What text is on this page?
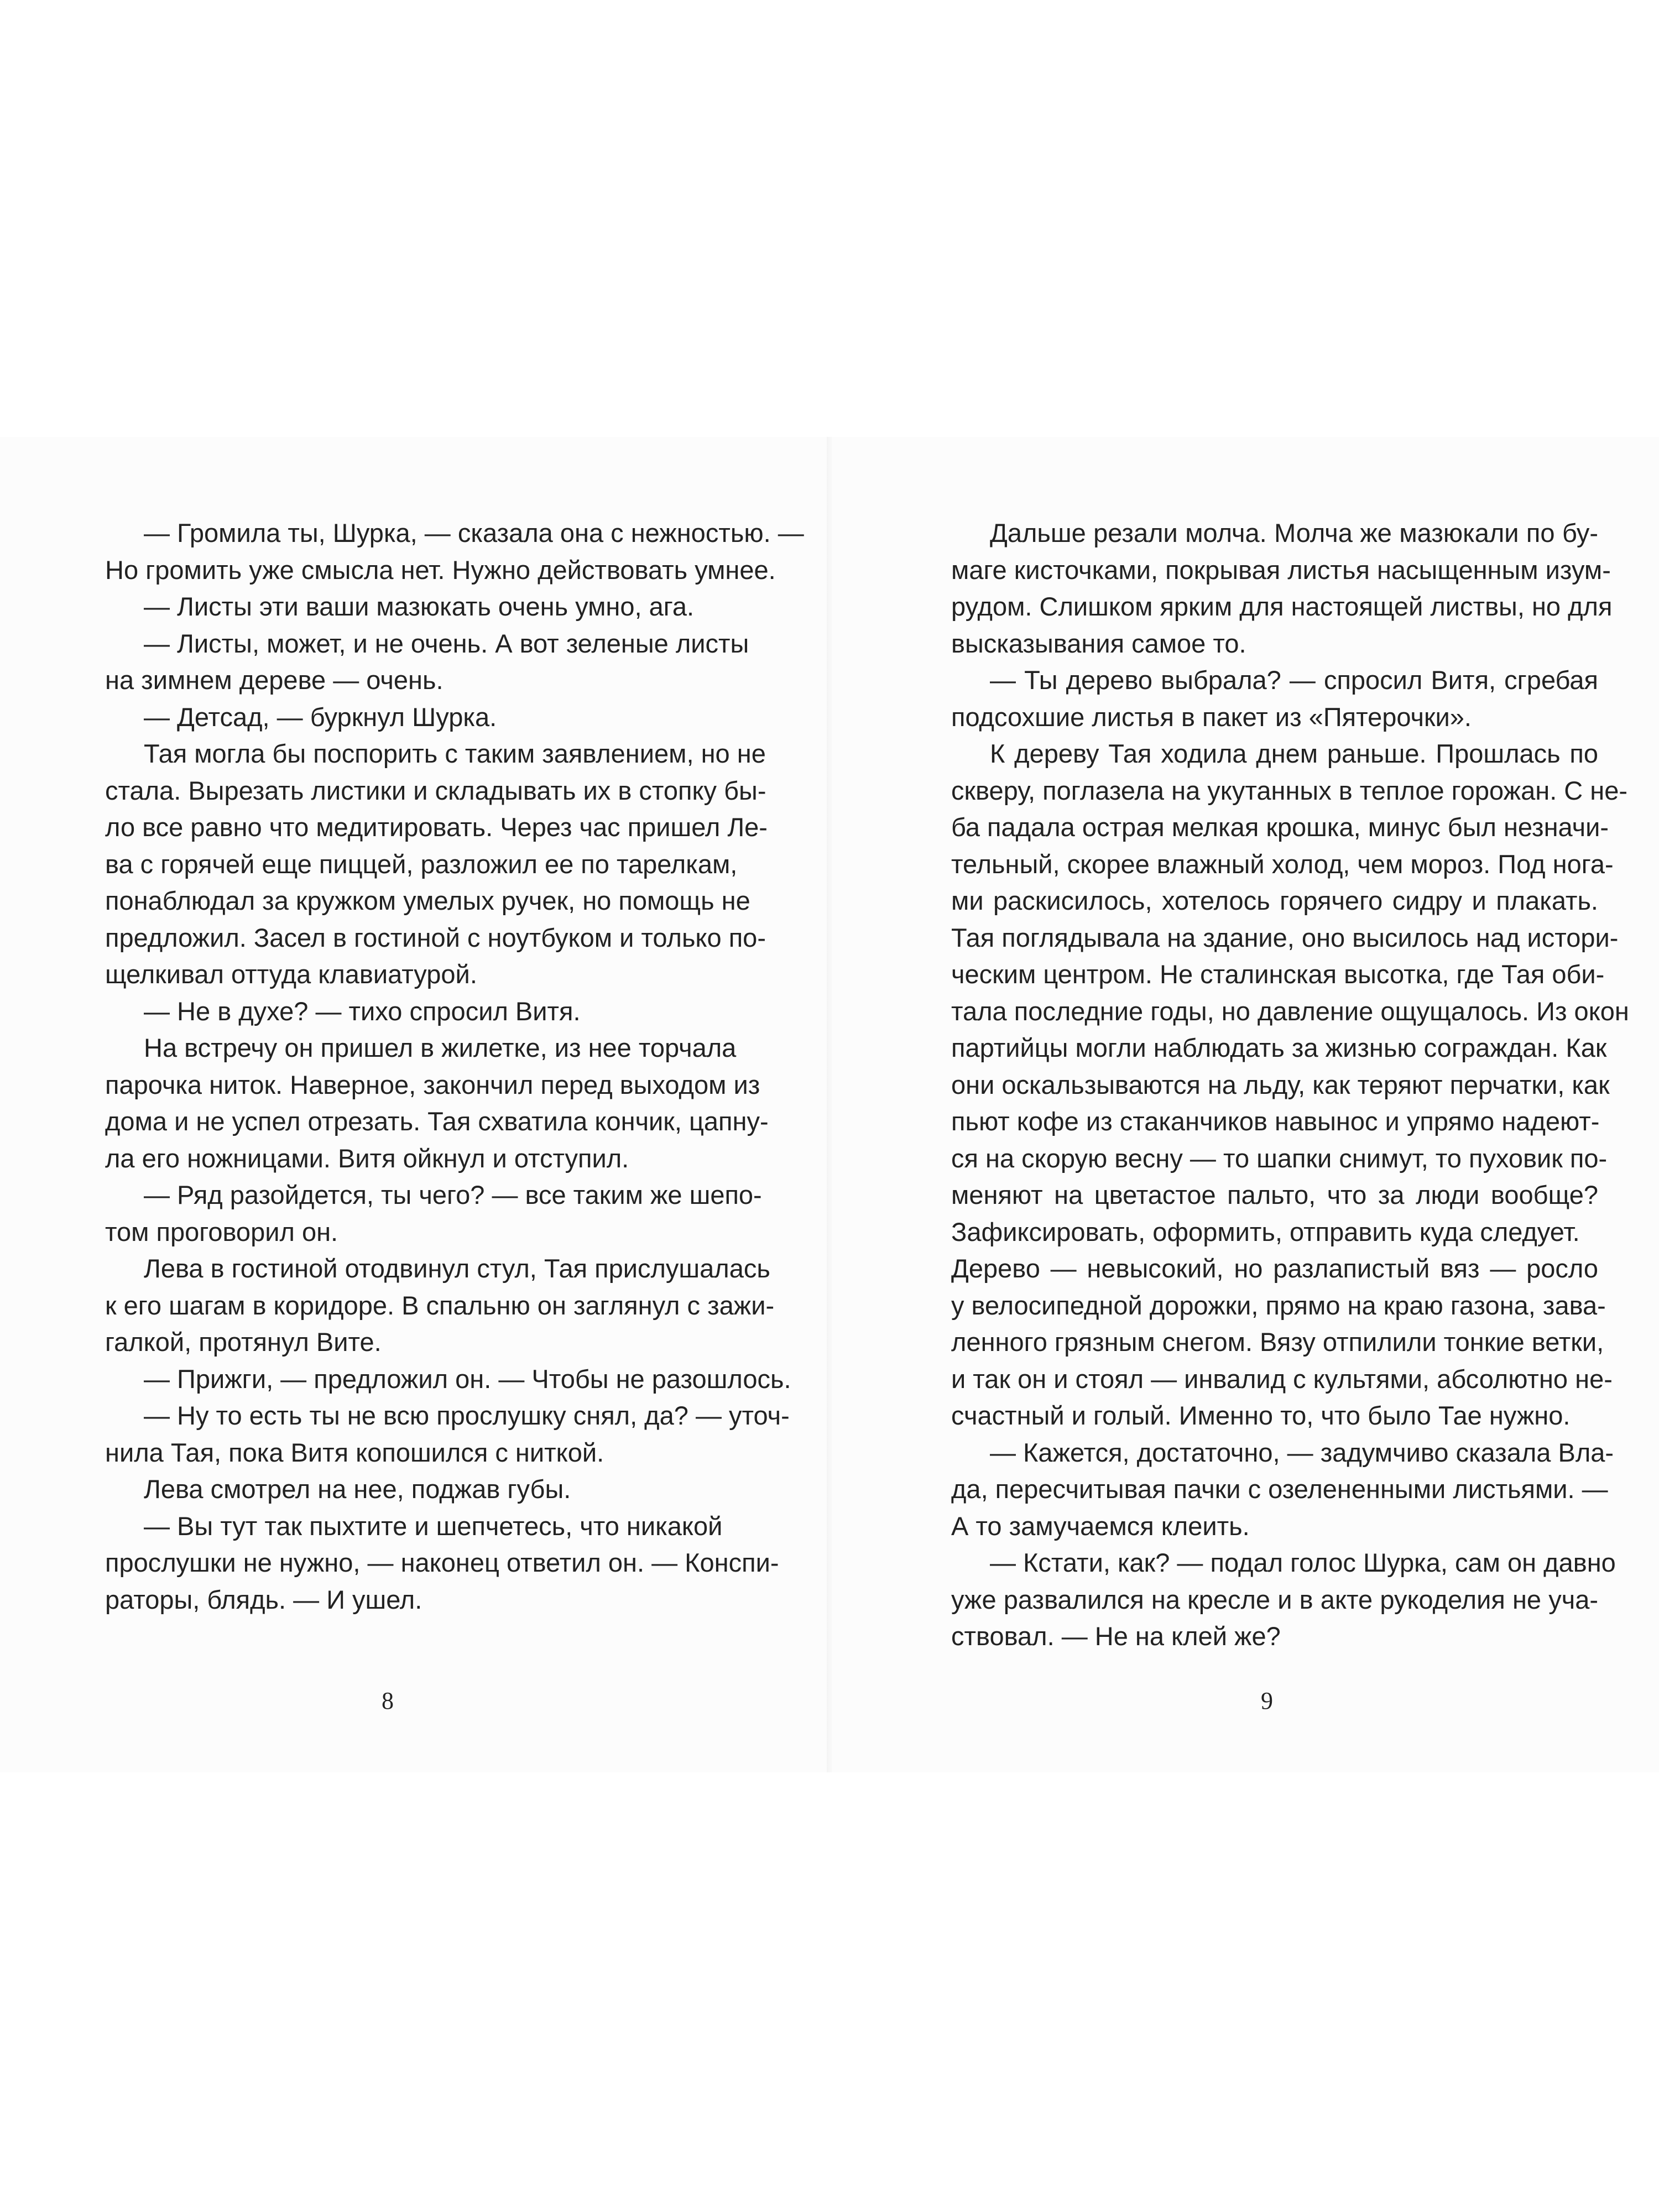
— Громила ты, Шурка, — сказала она с нежностью. —
Но громить уже смысла нет. Нужно действовать умнее.
— Листы эти ваши мазюкать очень умно, ага.
— Листы, может, и не очень. А вот зеленые листы
на зимнем дереве — очень.
— Детсад, — буркнул Шурка.
Тая могла бы поспорить с таким заявлением, но не
стала. Вырезать листики и складывать их в стопку бы-
ло все равно что медитировать. Через час пришел Ле-
ва с горячей еще пиццей, разложил ее по тарелкам,
понаблюдал за кружком умелых ручек, но помощь не
предложил. Засел в гостиной с ноутбуком и только по-
щелкивал оттуда клавиатурой.
— Не в духе? — тихо спросил Витя.
На встречу он пришел в жилетке, из нее торчала
парочка ниток. Наверное, закончил перед выходом из
дома и не успел отрезать. Тая схватила кончик, цапну-
ла его ножницами. Витя ойкнул и отступил.
— Ряд разойдется, ты чего? — все таким же шепо-
том проговорил он.
Лева в гостиной отодвинул стул, Тая прислушалась
к его шагам в коридоре. В спальню он заглянул с зажи-
галкой, протянул Вите.
— Прижги, — предложил он. — Чтобы не разошлось.
— Ну то есть ты не всю прослушку снял, да? — уточ-
нила Тая, пока Витя копошился с ниткой.
Лева смотрел на нее, поджав губы.
— Вы тут так пыхтите и шепчетесь, что никакой
прослушки не нужно, — наконец ответил он. — Конспи-
раторы, блядь. — И ушел.
8
Дальше резали молча. Молча же мазюкали по бу-
маге кисточками, покрывая листья насыщенным изум-
рудом. Слишком ярким для настоящей листвы, но для
высказывания самое то.
— Ты дерево выбрала? — спросил Витя, сгребая
подсохшие листья в пакет из «Пятерочки».
К дереву Тая ходила днем раньше. Прошлась по
скверу, поглазела на укутанных в теплое горожан. С не-
ба падала острая мелкая крошка, минус был незначи-
тельный, скорее влажный холод, чем мороз. Под нога-
ми раскисилось, хотелось горячего сидру и плакать.
Тая поглядывала на здание, оно высилось над истори-
ческим центром. Не сталинская высотка, где Тая оби-
тала последние годы, но давление ощущалось. Из окон
партийцы могли наблюдать за жизнью сограждан. Как
они оскальзываются на льду, как теряют перчатки, как
пьют кофе из стаканчиков навынос и упрямо надеют-
ся на скорую весну — то шапки снимут, то пуховик по-
меняют на цветастое пальто, что за люди вообще?
Зафиксировать, оформить, отправить куда следует.
Дерево — невысокий, но разлапистый вяз — росло
у велосипедной дорожки, прямо на краю газона, зава-
ленного грязным снегом. Вязу отпилили тонкие ветки,
и так он и стоял — инвалид с культями, абсолютно не-
счастный и голый. Именно то, что было Тае нужно.
— Кажется, достаточно, — задумчиво сказала Вла-
да, пересчитывая пачки с озелененными листьями. —
А то замучаемся клеить.
— Кстати, как? — подал голос Шурка, сам он давно
уже развалился на кресле и в акте рукоделия не уча-
ствовал. — Не на клей же?
9
